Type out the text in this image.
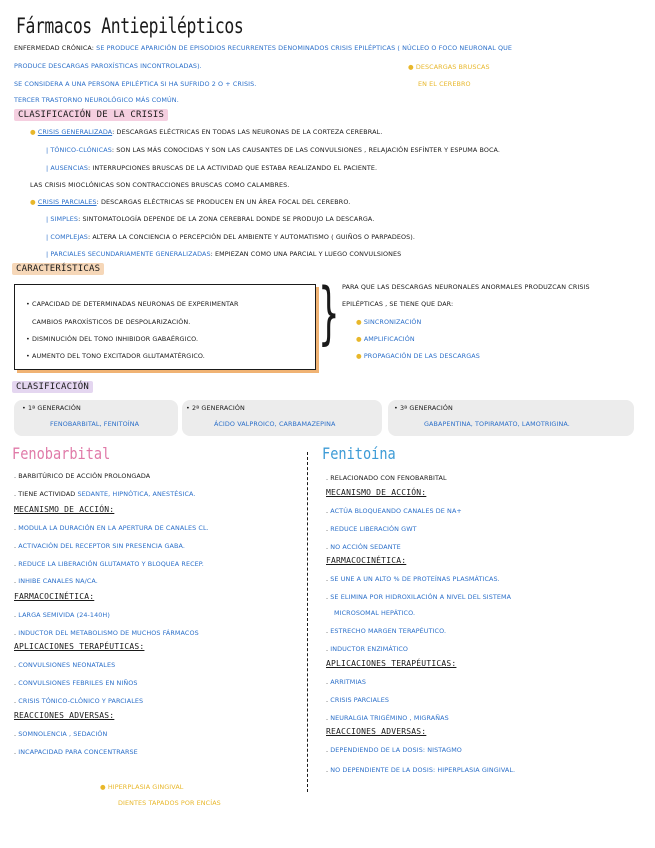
Fármacos Antiepilépticos
ENFERMEDAD CRÓNICA: SE PRODUCE APARICIÓN DE EPISODIOS RECURRENTES DENOMINADOS CRISIS EPILÉPTICAS ( NÚCLEO O FOCO NEURONAL QUE
PRODUCE DESCARGAS PAROXÍSTICAS INCONTROLADAS).
SE CONSIDERA A UNA PERSONA EPILÉPTICA SI HA SUFRIDO 2 O + CRISIS.
TERCER TRASTORNO NEUROLÓGICO MÁS COMÚN.
● DESCARGAS BRUSCAS
EN EL CEREBRO
CLASIFICACIÓN DE LA CRISIS
● CRISIS GENERALIZADA: DESCARGAS ELÉCTRICAS EN TODAS LAS NEURONAS DE LA CORTEZA CEREBRAL.
| TÓNICO-CLÓNICAS: SON LAS MÁS CONOCIDAS Y SON LAS CAUSANTES DE LAS CONVULSIONES , RELAJACIÓN ESFÍNTER Y ESPUMA BOCA.
| AUSENCIAS: INTERRUPCIONES BRUSCAS DE LA ACTIVIDAD QUE ESTABA REALIZANDO EL PACIENTE.
LAS CRISIS MIOCLÓNICAS SON CONTRACCIONES BRUSCAS COMO CALAMBRES.
● CRISIS PARCIALES: DESCARGAS ELÉCTRICAS SE PRODUCEN EN UN ÁREA FOCAL DEL CEREBRO.
| SIMPLES: SINTOMATOLOGÍA DEPENDE DE LA ZONA CEREBRAL DONDE SE PRODUJO LA DESCARGA.
| COMPLEJAS: ALTERA LA CONCIENCIA O PERCEPCIÓN DEL AMBIENTE Y AUTOMATISMO ( GUIÑOS O PARPADEOS).
| PARCIALES SECUNDARIAMENTE GENERALIZADAS: EMPIEZAN COMO UNA PARCIAL Y LUEGO CONVULSIONES
CARACTERÍSTICAS
• CAPACIDAD DE DETERMINADAS NEURONAS DE EXPERIMENTAR
CAMBIOS PAROXÍSTICOS DE DESPOLARIZACIÓN.
• DISMINUCIÓN DEL TONO INHIBIDOR GABAÉRGICO.
• AUMENTO DEL TONO EXCITADOR GLUTAMATÉRGICO.
} PARA QUE LAS DESCARGAS NEURONALES ANORMALES PRODUZCAN CRISIS
EPILÉPTICAS , SE TIENE QUE DAR:
● SINCRONIZACIÓN
● AMPLIFICACIÓN
● PROPAGACIÓN DE LAS DESCARGAS
CLASIFICACIÓN
• 1ª GENERACIÓN
FENOBARBITAL, FENITOÍNA
• 2ª GENERACIÓN
ÁCIDO VALPROICO, CARBAMAZEPINA
• 3ª GENERACIÓN
GABAPENTINA, TOPIRAMATO, LAMOTRIGINA.
Fenobarbital
. BARBITÚRICO DE ACCIÓN PROLONGADA
. TIENE ACTIVIDAD SEDANTE, HIPNÓTICA, ANESTÉSICA.
MECANISMO DE ACCIÓN:
. MODULA LA DURACIÓN EN LA APERTURA DE CANALES CL.
. ACTIVACIÓN DEL RECEPTOR SIN PRESENCIA GABA.
. REDUCE LA LIBERACIÓN GLUTAMATO Y BLOQUEA RECEP.
. INHIBE CANALES NA/CA.
FARMACOCINÉTICA:
. LARGA SEMIVIDA (24-140H)
. INDUCTOR DEL METABOLISMO DE MUCHOS FÁRMACOS
APLICACIONES TERAPÉUTICAS:
. CONVULSIONES NEONATALES
. CONVULSIONES FEBRILES EN NIÑOS
. CRISIS TÓNICO-CLÓNICO Y PARCIALES
REACCIONES ADVERSAS:
. SOMNOLENCIA , SEDACIÓN
. INCAPACIDAD PARA CONCENTRARSE
● HIPERPLASIA GINGIVAL
DIENTES TAPADOS POR ENCÍAS
Fenitoína
. RELACIONADO CON FENOBARBITAL
MECANISMO DE ACCIÓN:
. ACTÚA BLOQUEANDO CANALES DE NA+
. REDUCE LIBERACIÓN GWT
. NO ACCIÓN SEDANTE
FARMACOCINÉTICA:
. SE UNE A UN ALTO % DE PROTEÍNAS PLASMÁTICAS.
. SE ELIMINA POR HIDROXILACIÓN A NIVEL DEL SISTEMA
MICROSOMAL HEPÁTICO.
. ESTRECHO MARGEN TERAPÉUTICO.
. INDUCTOR ENZIMÁTICO
APLICACIONES TERAPÉUTICAS:
. ARRITMIAS
. CRISIS PARCIALES
. NEURALGIA TRIGÉMINO , MIGRAÑAS
REACCIONES ADVERSAS:
. DEPENDIENDO DE LA DOSIS: NISTAGMO
. NO DEPENDIENTE DE LA DOSIS: HIPERPLASIA GINGIVAL.
